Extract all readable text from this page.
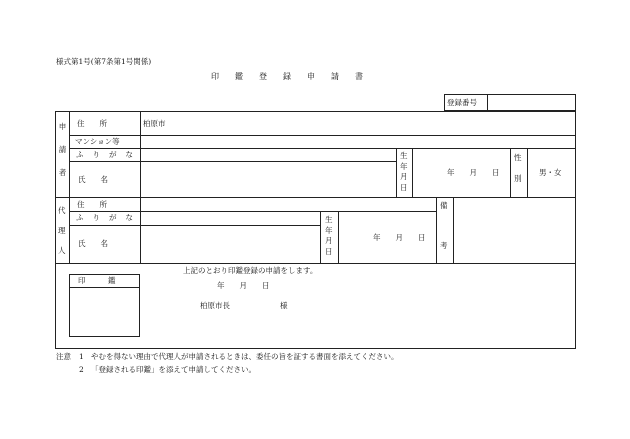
様式第1号(第7条第1号関係)
印　　鑑　　登　　録　　申　　請　　書
登録番号
申
請
者
住　　所	柏原市
マンション等
ふりがな
氏　　名
生
年
月
日
年　　月　　日
性

別
男・女
代
理
人
住　　所
ふりがな
氏　　名
生
年
月
日
年　　月　　日
備

考
印　　　鑑
上記のとおり印鑑登録の申請をします。
年　　月　　日
柏原市長	様
注意 1 やむを得ない理由で代理人が申請されるときは、委任の旨を証する書面を添えてください。
2 「登録される印鑑」を添えて申請してください。
